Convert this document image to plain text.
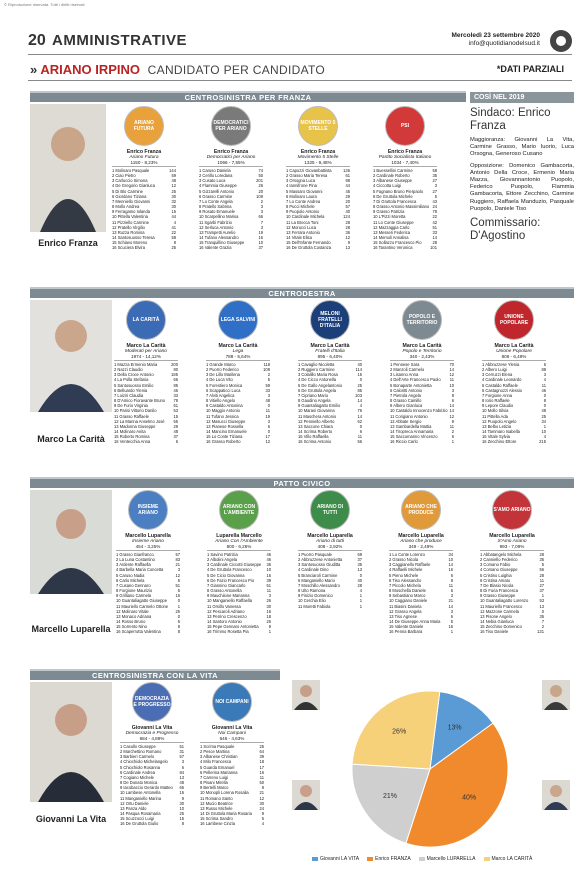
© Riproduzione riservata. Tutti i diritti riservati
20 AMMINISTRATIVE	Mercoledì 23 settembre 2020
info@quotidianodelsud.it
» ARIANO IRPINO CANDIDATO PER CANDIDATO	*DATI PARZIALI
CENTROSINISTRA PER FRANZA
CENTRODESTRA
PATTO CIVICO
CENTROSINISTRA CON LA VITA
Enrico Franza
Marco La Carità
Marcello Luparella
Giovanni La Vita
ARIANO FUTURA
Enrico Franza
Ariano Futura
1150 - 8,23%
1 Molinaro Pasquale	144
2 Ciao Pietro	59
3 Carluccio Simona	48
4 De Gregorio Gianluca	12
5 Di Blo Carmine	25
6 Giordano Tiziana	30
7 Menniello Giovanni	32
8 Mollo Andrea	30
9 Ferragamo Iolanda	15
10 Pittella Valentina	44
11 Pizziello Carmine	4
12 Pratello Virgilio	41
13 Ruzza Romina	22
14 Santosuosso Teresa	58
15 Schiavo Moreno	8
16 Scuciera Elvira	25
DEMOCRATICI PER ARIANO
Enrico Franza
Democratici per Ariano
1066 - 7,55%
1 Caruso Daniela	74
2 Cerillo Loredana	50
3 Cusato Luca	201
4 Flammia Giuseppe	26
5 Gizzarelli Antonio	20
6 Grasso Carmine	109
7 Lo Conte Angela	2
8 Pratello Sabrina	3
9 Rosato Emanuele	3
10 Scarpellino Marisa	66
11 Sgarbi Fabrizio	7
12 Serluca Antonio	3
13 Trampetti Aurelio	19
14 Tufano Alessandro	16
15 Tranquillino Giuseppe	10
16 Valente Grazia	37
MOVIMENTO 5 STELLE
Enrico Franza
Movimento 5 Stelle
1325 - 9,48%
1 Capozzi Giovanbattista	136
2 Grasso Maria Teresa	61
3 Orsogna Luca	98
4 Iannifrone Pina	44
5 Massaro Giovanni	45
6 Molinaro Laura	29
7 Lo Conte Andrea	20
8 Pucci Michele	57
9 Puopolo Antonio	40
10 Cardinale Michela	124
11 La Brocca Toni	28
12 Morucci Luca	28
13 Ferrara Antonio	36
14 Vitale Elisa	12
15 Dell'Infante Fernando	9
16 De Gruttola Costanza	13
PSI
Enrico Franza
Partito Socialista Italiano
1034 - 7,40%
1 Buessellini Carmine	58
2 Cardinale Roberto	35
3 Albanese Giuseppe	27
4 Ciccotta Luigi	3
5 Fagnano Bruno Pierpaolo 27
6 De Gruttola Michele	5
7 Di Gruttola Francesca	43
8 Grasso Antonio Massimiliano 24
9 Grasso Patrizia	78
10 L'Pizzi Moretta	22
11 Lo Conte Giuseppe	42
12 Mazzaggia Carlo	51
13 Messeri Federica	33
14 Memoli Annalisa	14
15 Sollazzo Francesco Pio	28
16 Tarantino Veronica	101
LA CARITÀ
Marco La Carità
Moderati per Ariano
1974 - 14,12%
1 Mazza Ermenio Maria	200
2 Nazzi Claudio	80
3 Della Croce Antonio	185
4 La Polla Stefania	66
5 Santosuosso Emilio	85
6 Belluardo Ylenia	46
7 Loiziri Claudia	33
8 D'Amico Fioravante Bruno 78
9 De Furio Virginia	61
10 Parisi Vittorio Danilo	53
11 Grasso Raffaele	15
12 La Manna Anselmo José 55
13 Madonna Giuseppe	29
14 Molinaro Anita	48
15 Roberto Romina	37
16 Ventecchia Anna	6
LEGA SALVINI
Marco La Carità
Lega
788 - 5,64%
1 Grande Marco	118
2 Puorro Federico	109
3 De Lillo Marilena	2
4 De Luca Vito	5
5 Forestiero Monica	59
6 Scappaticci Luca	33
7 Alviti Angelica	3
8 Vitiello Angelo	48
9 Castaldo Antonina	0
10 Maggio Antonio	11
11 Tufano Jessica	19
12 Masucci Giuseppe	3
13 Pianese Rossella	6
14 Mancino Emanuele	0
15 Lo Conte Tiziana	17
16 Grasso Roberto	12
MELONI FRATELLI D'ITALIA
Marco La Carità
Fratelli d'Italia
895 - 6,40%
1 Cavaglio Nicoletta	40
2 Ruggiero Carmine	114
3 Colalillo Maria Rosa	15
4 De Cicco Antonella	0
5 De Gallo Angelantonio	25
6 De Gruttola Angela	85
7 Cipriano Mario	103
8 Gaudino Angela	14
9 Guantaliagatto Emilio	4
10 Marasi Giovanna	76
11 Maschera Antonio	14
12 Penniello Alberto	62
13 Saccone Chiara	0
14 Scrima Roberto	6
15 Villo Raffaella	11
16 Scrima Antonio	56
POPOLO E TERRITORIO
Marco La Carità
Popolo e Territorio
340 - 2,43%
1 Pennese Sara	70
2 Manzoli Carmelo	14
3 Lisanno Anna	12
4 Dell'Arte Francesco Paolo 11
5 Bonaparte Antonietta	10
6 Caloritti Antonio	3
7 Pietrola Angela	8
8 Grasso Camillo	6
9 Albero Gianluca	14
10 Castaldo Innocenzo Fabrizio 14
11 Corigiano Antonio	12
12 Abbate Sergio	9
13 Gambardella Mattia	11
14 Tiropreca Annamaria	2
15 Saccomanno Vincenzo	6
16 Riccio Carlo	1
UNIONE POPOLARE
Marco La Carità
Unione Popolare
806 - 6,49%
1 Abbruzzese Ylenia	6
2 Albero Luigi	88
3 Cerruzzi Elena	3
4 Cardinale Leonardo	4
5 Castaldo Raffaele	11
6 Castagnozzi Alessio	46
7 Forgione Anna	0
8 Iorio Raffaele	8
9 Lepore Claudio	0
10 Mollo Silvia	48
11 Pittella Ada	25
12 Puopolo Angelo	34
13 Belbo Letizia	1
14 Tammaro Isabella	10
15 Vitale Sylvia	4
16 Zecchino Ettore	215
INSIEME ARIANO
Marcello Luparella
Insieme Ariano
454 - 3,25%
1 Grasso Gianfranco	57
2 La Luna Costantino	83
3 Ardente Raffaella	21
4 Barbella Maria Concetta	3
5 Caruso Nadia	12
6 Carlo Michela	5
7 Cusano Gennaro	51
8 Forgione Maurizio	5
9 Grilliano Carmela	16
10 Guantaliagatto Giuseppe	0
11 Mauriello Carmelo Ottone 1
12 Molinaro Vitale	25
13 Monaco Adriana	0
14 Rosso Bruno	5
15 Sorrento Nino	8
16 Scaperrotta Valentina	8
ARIANO CON L'AMBIENTE
Luparella Marcello
Ariano Con l'Ambiente
800 - 6,26%
1 Savino Patrizia	46
2 Albolini Angela	46
3 Cardinale Ciccotti Giuseppe 36
4 De Gruttola Francesco	10
5 De Cicio Giovanna	16
6 De Fazio Francesco Pio	39
7 Giannino Giancarlo	51
8 Grasso Antonella	11
9 Mauchiione Marianna	3
10 Manganiello Raffaella	26
11 Orsillo Vanessa	30
12 Pescaroli Adriano	16
13 Perrino Crescenzo	18
14 Santoro Antonio	26
15 Pepe Gennaro Antonietta 9
16 Trimmo Rosetta Pia	1
ARIANO DI TUTTI
Marcello Luparella
Ariano di tutti
408 - 2,92%
1 Puorro Pasquale	69
2 Abbruzzese Antonietta	37
3 Santosuosso Giuditta	35
4 Cardinale Dino	13
5 Branciaroli Carmine	0
6 Manganiello Mario	40
7 Moschillo Alessandro	28
8 Ulto Ramona	4
9 Finizio Domenico	1
10 Cerchia Elio	1
11 Moretti Fabiola	1
ARIANO CHE PRODUCE
Marcello Luparella
Ariano che produce
349 - 2,49%
1 Lo Conte Lorenzo	34
2 Grasso Nicola	10
3 Caggianello Raffaele	14
4 Raffaelli Michele	16
5 Pieno Michele	6
6 Tiso Alessandro	8
7 Piccolo Michela	11
8 Moschella Daniele	6
9 Sebastiano Marco	3
10 Caggiano Daniele	21
11 Biasini Daniela	14
12 Grasso Angela	3
13 Tiso Agnese	6
14 De Giuseppe Anna Maria	5
15 Valente Daniele	16
16 Penna Barbara	1
S'AMO ARIANO
Marcello Luparella
S'Amo Ariano
993 - 7,09%
1 Abbatangelo Michela	28
2 Canniello Federico	35
3 Corsano Fabio	5
4 Corsano Giuseppe	56
5 Cristino Luighia	28
6 Cristina Amato	11
7 De Blasio Nicola	27
8 Di Furia Francesca	37
9 Grasso Giuseppe	1
10 Guantaliagatto Lorenzo	53
11 Mauriello Francesco	13
12 Mazzone Carmela	0
13 Pisone Angelo	35
14 Nebia Gianluca	7
15 Zecchino Domenico	2
16 Tiso Daniele	131
DEMOCRAZIA E PROGRESSO
Giovanni La Vita
Democrazia e Progresso
684 - 4,89%
1 Casullo Giuseppe	51
2 Marchettino Romano	31
3 Barbieri Carmelo	57
4 Chiochiolo Michelangelo	3
5 Chiochiolo Rosanna	6
6 Cardinale Andrea	84
7 Cogiano Michele	13
8 De Donato Monica	48
9 Iacobaccio Gerardo Matteo 66
10 Lambese Antonella	16
11 Manganiello Marina	9
12 Ortu Daniele	30
13 Panza Aldo	10
14 Pasqua Rosamaria	25
15 Scuzzocci Luigi	15
16 De Gruttola Giulio	8
NOI CAMPANI
Giovanni La Vita
Noi Campani
646 - 4,63%
1 Scrima Pasquale	25
2 Pesce Martina	64
3 Albanese Christian	39
4 Milo Francesca	18
5 Guarda Emanuel	17
6 Pellerina Marianna	16
7 Carreno Luigi	11
8 Pisani Mirella	50
9 Bertelli Marco	9
10 Monopli Lorena Rosalia	21
11 Romano Santo	12
12 Mucio Beatrice	30
13 Russo Michele	24
14 Di Gruttola Maria Rosaria 9
15 Scrima Sandro	5
16 Lambese Cinzia	4
COSÌ NEL 2019
Sindaco: Enrico Franza

Maggioranza: Giovanni La Vita, Carmine Grasso, Mario Iuorio, Luca Orsogna, Generoso Cusano

Opposizione: Domenico Gambacorta, Antonio Della Croce, Ermenio Maria Mazza, Giovannantonio Puopolo, Federico Puopolo, Flammia Gambacorta, Ettore Zecchino, Carmine Ruggiero, Raffaela Manduzio, Pasquale Puopolo, Daniele Tiso

Commissario: D'Agostino
13%
40%
21%
26%
Giovanni LA VITA	Enrico FRANZA	Marcello LUPARELLA	Marco LA CARITÀ
